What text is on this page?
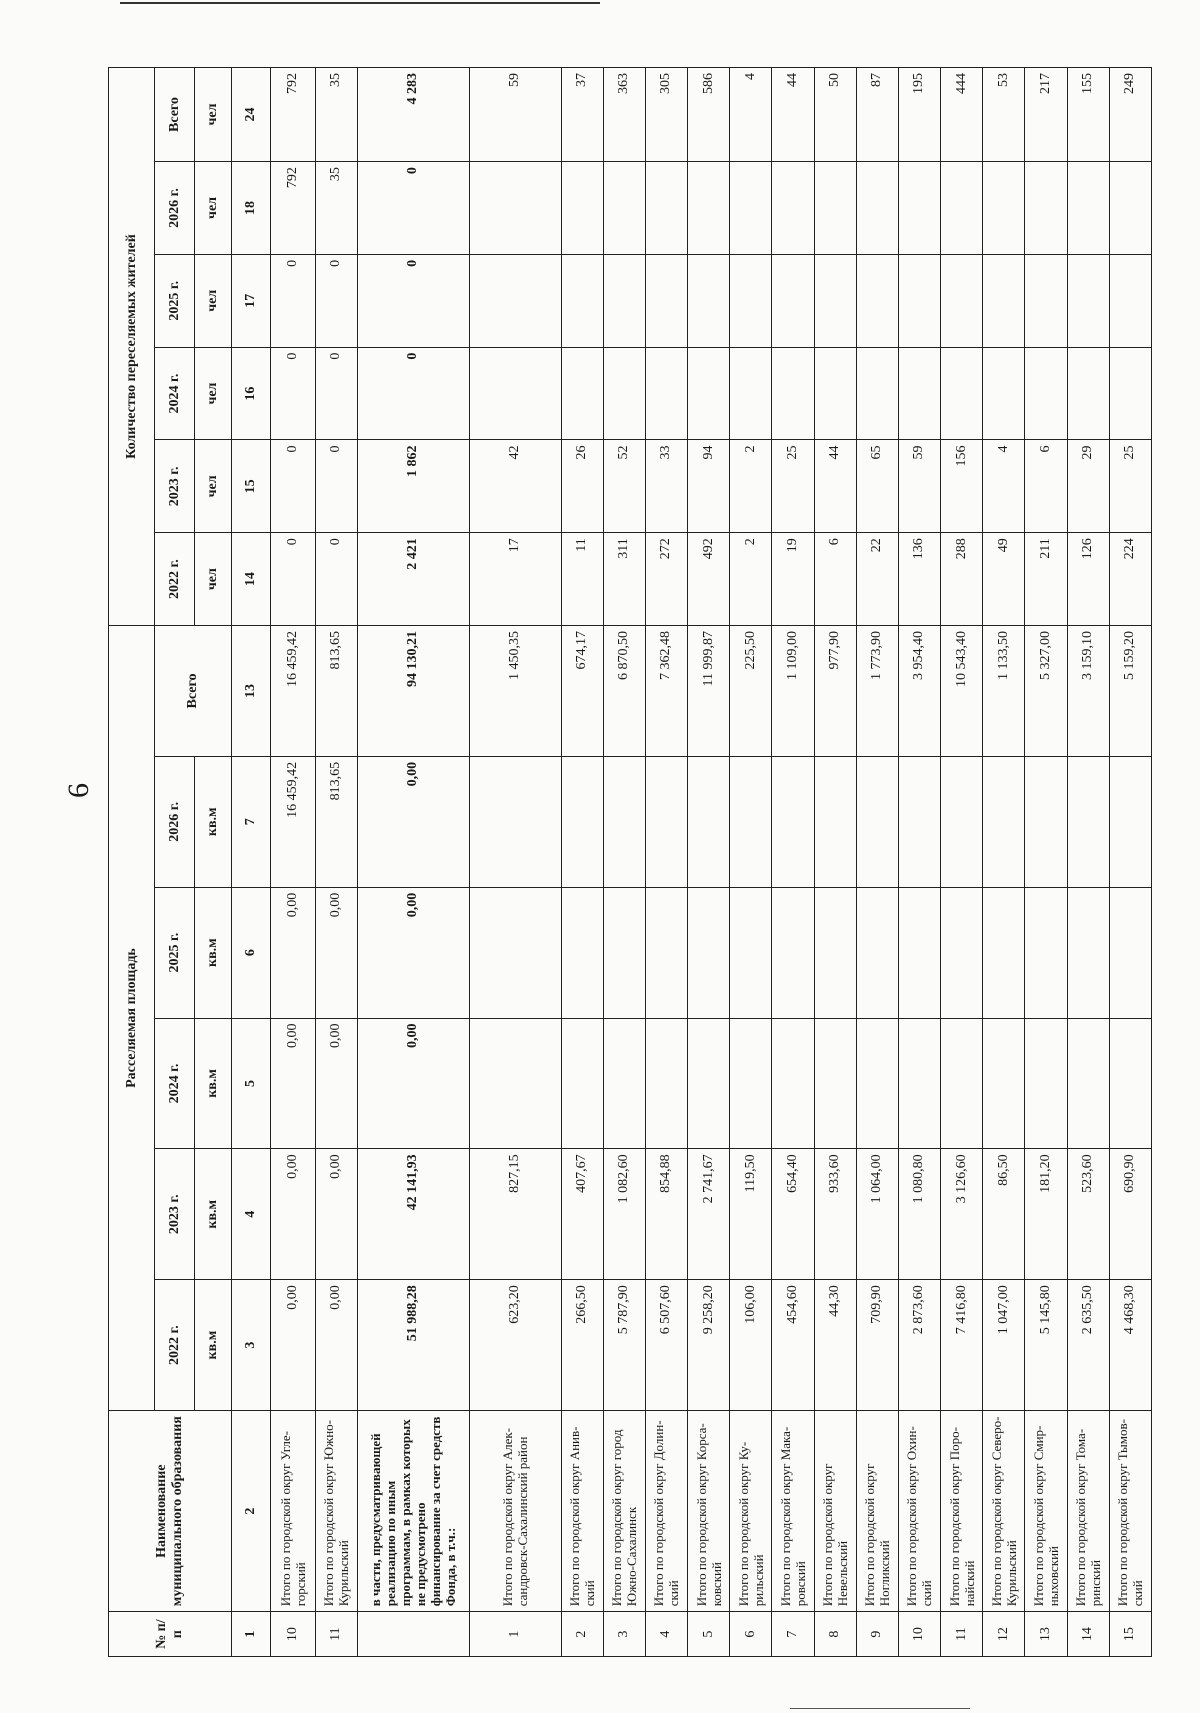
6
№ п/п	Наименование муниципального образования	Расселяемая площадь						Количество переселяемых жителей					
		2022 г.	2023 г.	2024 г.	2025 г.	2026 г.	Всего	2022 г.	2023 г.	2024 г.	2025 г.	2026 г.	Всего
		кв.м	кв.м	кв.м	кв.м	кв.м		чел	чел	чел	чел	чел	чел
1	2	3	4	5	6	7	13	14	15	16	17	18	24
10	Итого по городской округ Угле-горский	0,00	0,00	0,00	0,00	16 459,42	16 459,42	0	0	0	0	792	792
11	Итого по городской округ Южно-Курильский	0,00	0,00	0,00	0,00	813,65	813,65	0	0	0	0	35	35
	в части, предусматривающей реализацию по иным программам, в рамках которых не предусмотрено финансирование за счет средств Фонда, в т.ч.:	51 988,28	42 141,93	0,00	0,00	0,00	94 130,21	2 421	1 862	0	0	0	4 283
1	Итого по городской округ Алек-сандровск-Сахалинский район	623,20	827,15				1 450,35	17	42				59
2	Итого по городской округ Анив-ский	266,50	407,67				674,17	11	26				37
3	Итого по городской округ город Южно-Сахалинск	5 787,90	1 082,60				6 870,50	311	52				363
4	Итого по городской округ Долин-ский	6 507,60	854,88				7 362,48	272	33				305
5	Итого по городской округ Корса-ковский	9 258,20	2 741,67				11 999,87	492	94				586
6	Итого по городской округ Ку-рильский	106,00	119,50				225,50	2	2				4
7	Итого по городской округ Мака-ровский	454,60	654,40				1 109,00	19	25				44
8	Итого по городской округ Невельский	44,30	933,60				977,90	6	44				50
9	Итого по городской округ Ногликский	709,90	1 064,00				1 773,90	22	65				87
10	Итого по городской округ Охин-ский	2 873,60	1 080,80				3 954,40	136	59				195
11	Итого по городской округ Поро-найский	7 416,80	3 126,60				10 543,40	288	156				444
12	Итого по городской округ Северо-Курильский	1 047,00	86,50				1 133,50	49	4				53
13	Итого по городской округ Смир-ныховский	5 145,80	181,20				5 327,00	211	6				217
14	Итого по городской округ Тома-ринский	2 635,50	523,60				3 159,10	126	29				155
15	Итого по городской округ Тымов-ский	4 468,30	690,90				5 159,20	224	25				249
